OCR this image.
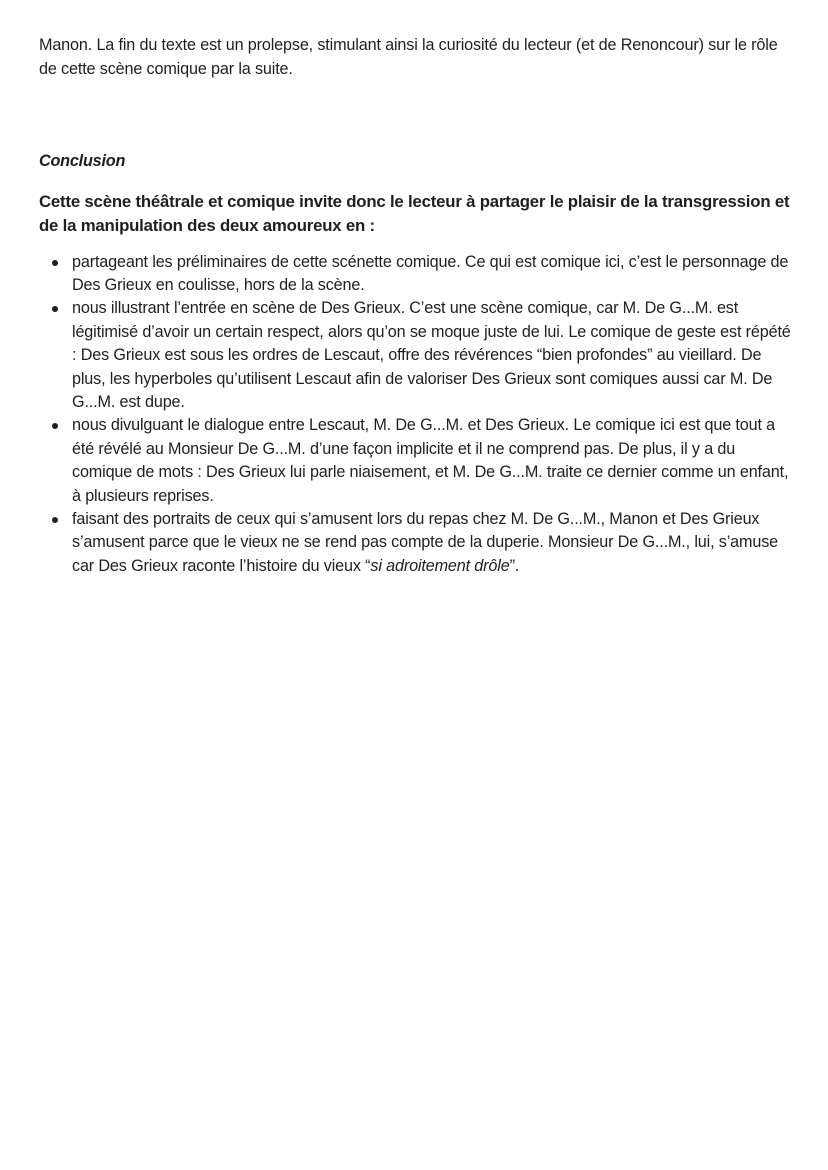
Manon. La fin du texte est un prolepse, stimulant ainsi la curiosité du lecteur (et de Renoncour) sur le rôle de cette scène comique par la suite.

Conclusion

Cette scène théâtrale et comique invite donc le lecteur à partager le plaisir de la transgression et de la manipulation des deux amoureux en :

partageant les préliminaires de cette scénette comique. Ce qui est comique ici, c’est le personnage de Des Grieux en coulisse, hors de la scène.
nous illustrant l’entrée en scène de Des Grieux. C’est une scène comique, car M. De G...M. est légitimisé d’avoir un certain respect, alors qu’on se moque juste de lui. Le comique de geste est répété : Des Grieux est sous les ordres de Lescaut, offre des révérences “bien profondes” au vieillard. De plus, les hyperboles qu’utilisent Lescaut afin de valoriser Des Grieux sont comiques aussi car M. De G...M. est dupe.
nous divulguant le dialogue entre Lescaut, M. De G...M. et Des Grieux. Le comique ici est que tout a été révélé au Monsieur De G...M. d’une façon implicite et il ne comprend pas. De plus, il y a du comique de mots : Des Grieux lui parle niaisement, et M. De G...M. traite ce dernier comme un enfant, à plusieurs reprises.
faisant des portraits de ceux qui s’amusent lors du repas chez M. De G...M., Manon et Des Grieux s’amusent parce que le vieux ne se rend pas compte de la duperie. Monsieur De G...M., lui, s’amuse car Des Grieux raconte l’histoire du vieux “si adroitement drôle”.
